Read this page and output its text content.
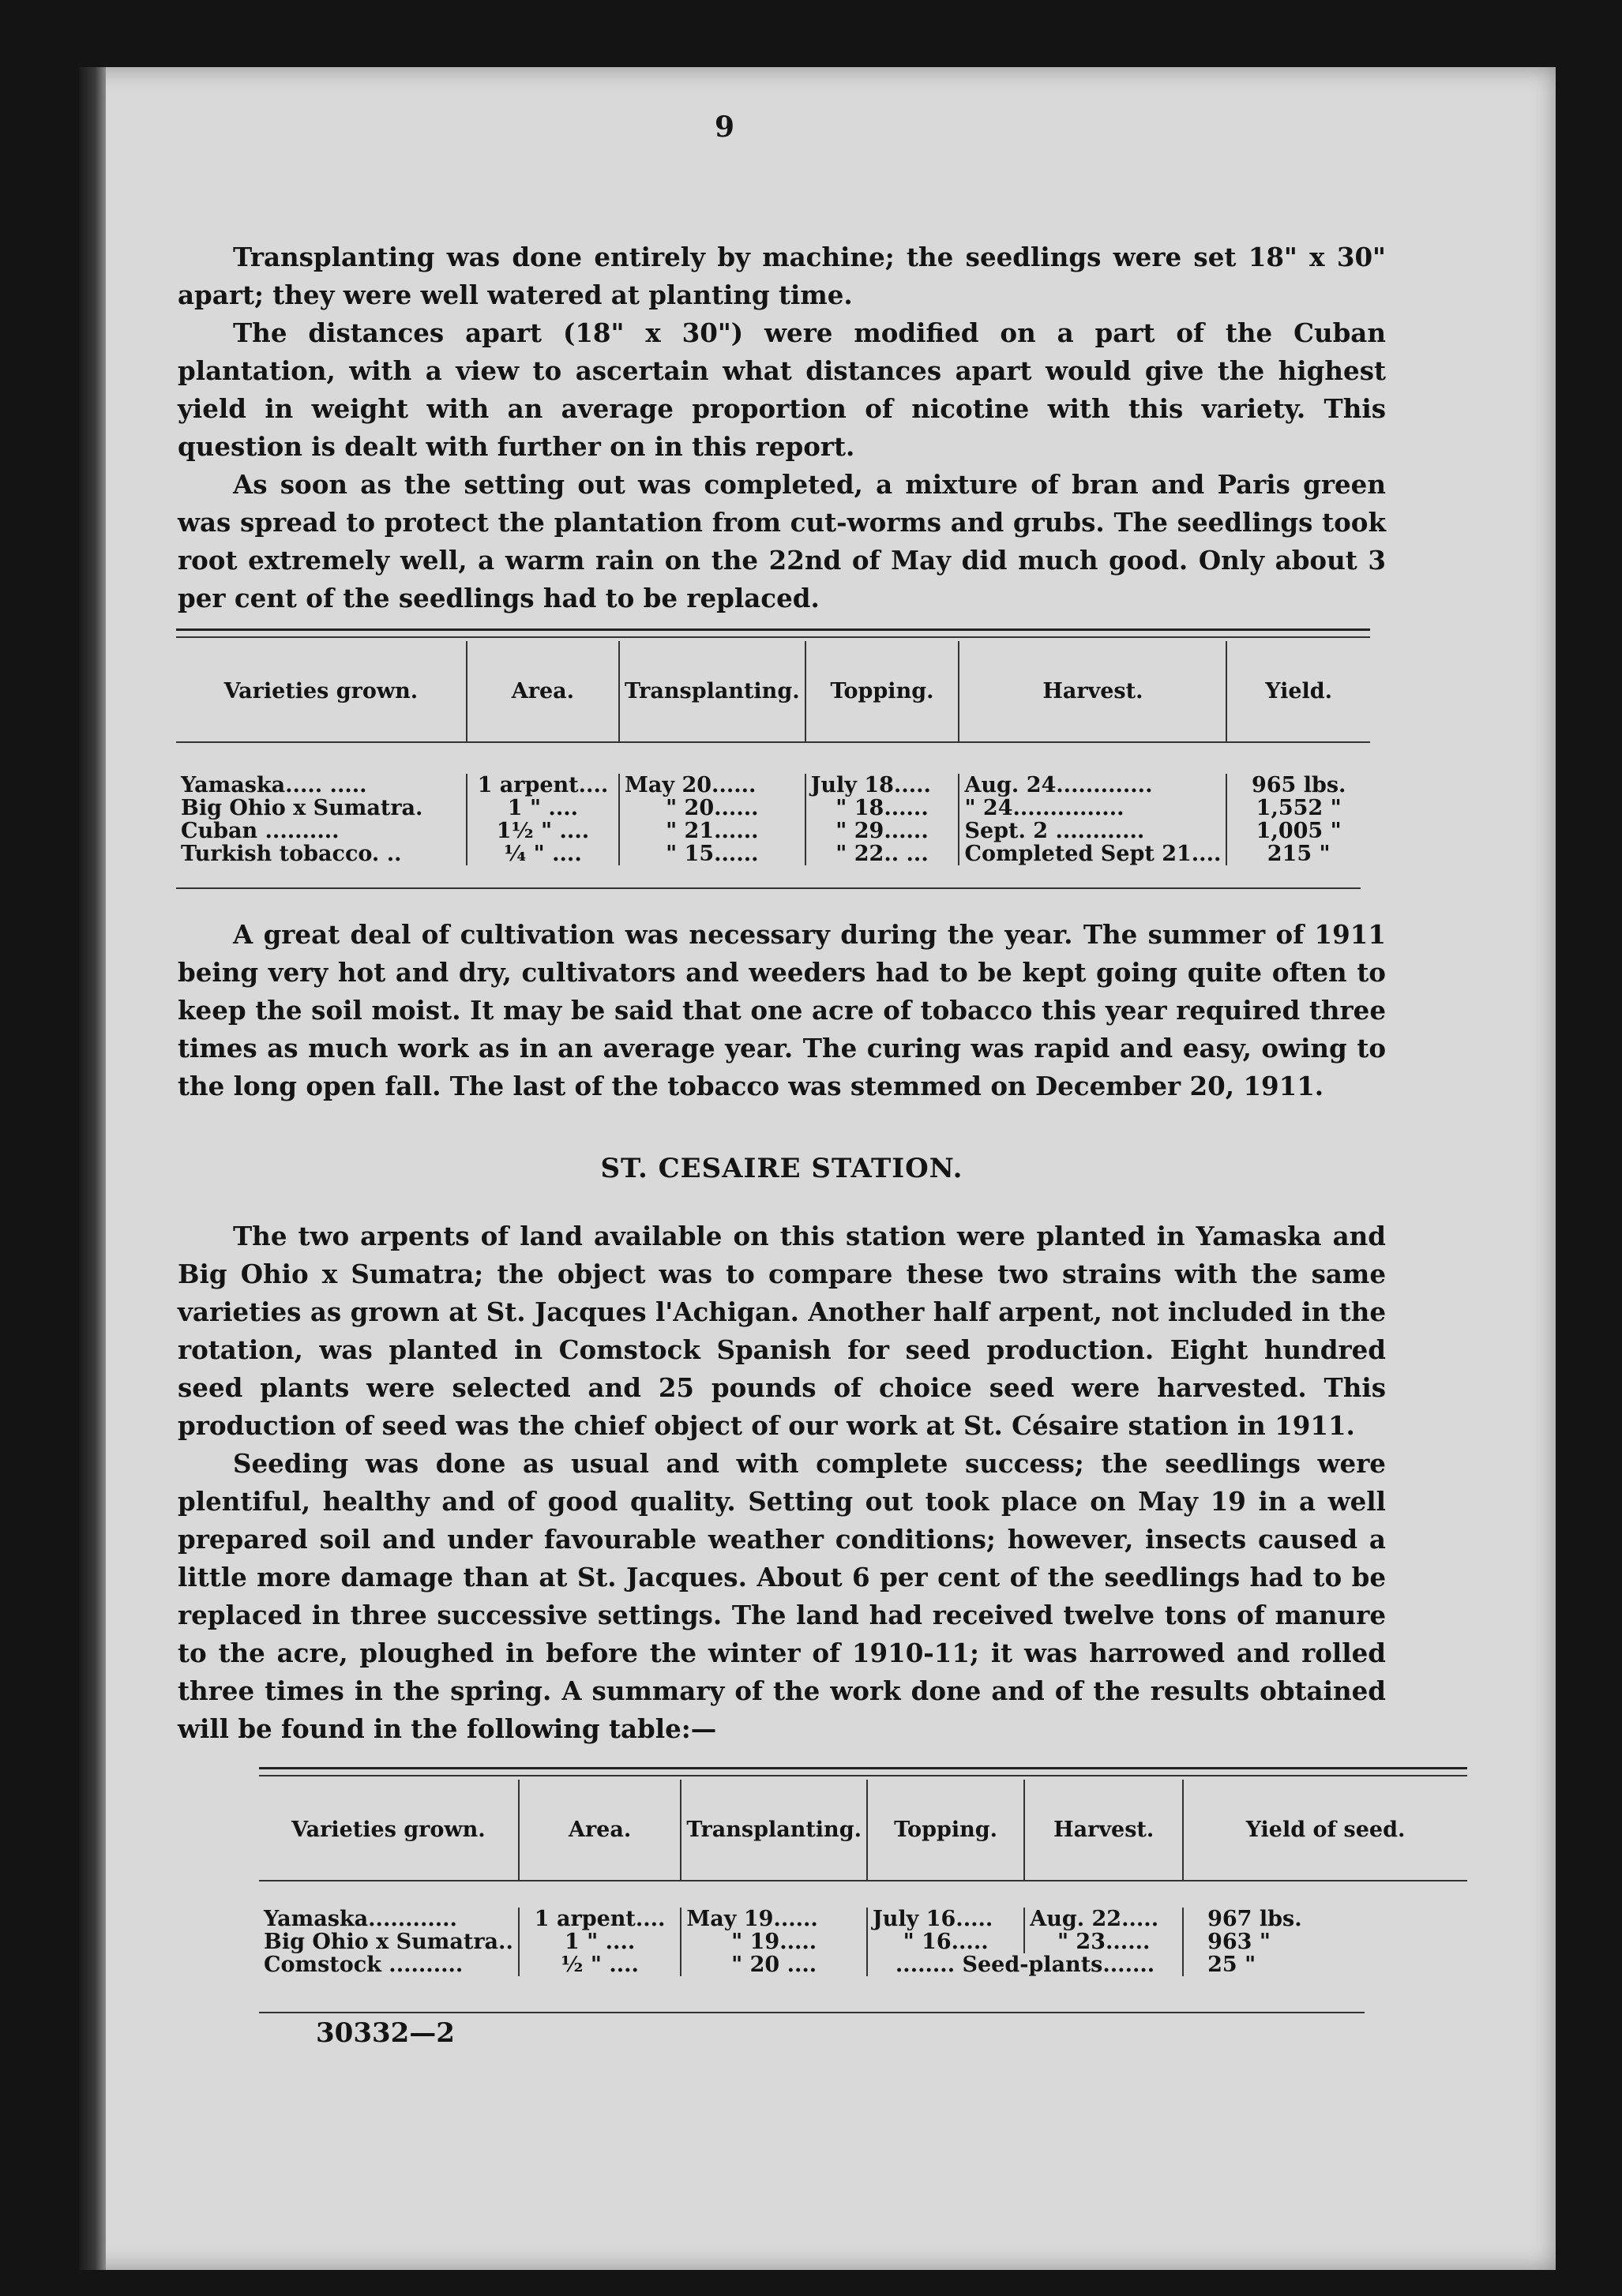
9

Transplanting was done entirely by machine; the seedlings were set 18" x 30" apart; they were well watered at planting time.

The distances apart (18" x 30") were modified on a part of the Cuban plantation, with a view to ascertain what distances apart would give the highest yield in weight with an average proportion of nicotine with this variety. This question is dealt with further on in this report.

As soon as the setting out was completed, a mixture of bran and Paris green was spread to protect the plantation from cut-worms and grubs. The seedlings took root extremely well, a warm rain on the 22nd of May did much good. Only about 3 per cent of the seedlings had to be replaced.

Varieties grown.	Area.	Transplanting.	Topping.	Harvest.	Yield.

Yamaska..... .....	1 arpent....	May 20......	July 18.....	Aug. 24.............	965 lbs.
Big Ohio x Sumatra.	1 " ....	" 20......	" 18......	" 24...............	1,552 "
Cuban ..........	1½ " ....	" 21......	" 29......	Sept. 2 ............	1,005 "
Turkish tobacco. ..	¼ " ....	" 15......	" 22.. ...	Completed Sept 21....	215 "

A great deal of cultivation was necessary during the year. The summer of 1911 being very hot and dry, cultivators and weeders had to be kept going quite often to keep the soil moist. It may be said that one acre of tobacco this year required three times as much work as in an average year. The curing was rapid and easy, owing to the long open fall. The last of the tobacco was stemmed on December 20, 1911.

ST. CESAIRE STATION.

The two arpents of land available on this station were planted in Yamaska and Big Ohio x Sumatra; the object was to compare these two strains with the same varieties as grown at St. Jacques l'Achigan. Another half arpent, not included in the rotation, was planted in Comstock Spanish for seed production. Eight hundred seed plants were selected and 25 pounds of choice seed were harvested. This production of seed was the chief object of our work at St. Césaire station in 1911.

Seeding was done as usual and with complete success; the seedlings were plentiful, healthy and of good quality. Setting out took place on May 19 in a well prepared soil and under favourable weather conditions; however, insects caused a little more damage than at St. Jacques. About 6 per cent of the seedlings had to be replaced in three successive settings. The land had received twelve tons of manure to the acre, ploughed in before the winter of 1910-11; it was harrowed and rolled three times in the spring. A summary of the work done and of the results obtained will be found in the following table:—

Varieties grown.	Area.	Transplanting.	Topping.	Harvest.	Yield of seed.

Yamaska............	1 arpent....	May 19......	July 16.....	Aug. 22.....	967 lbs.
Big Ohio x Sumatra..	1 " ....	" 19.....	" 16.....	" 23......	963 "
Comstock ..........	½ " ....	" 20 ....	........ Seed-plants.......		25 "

30332—2
